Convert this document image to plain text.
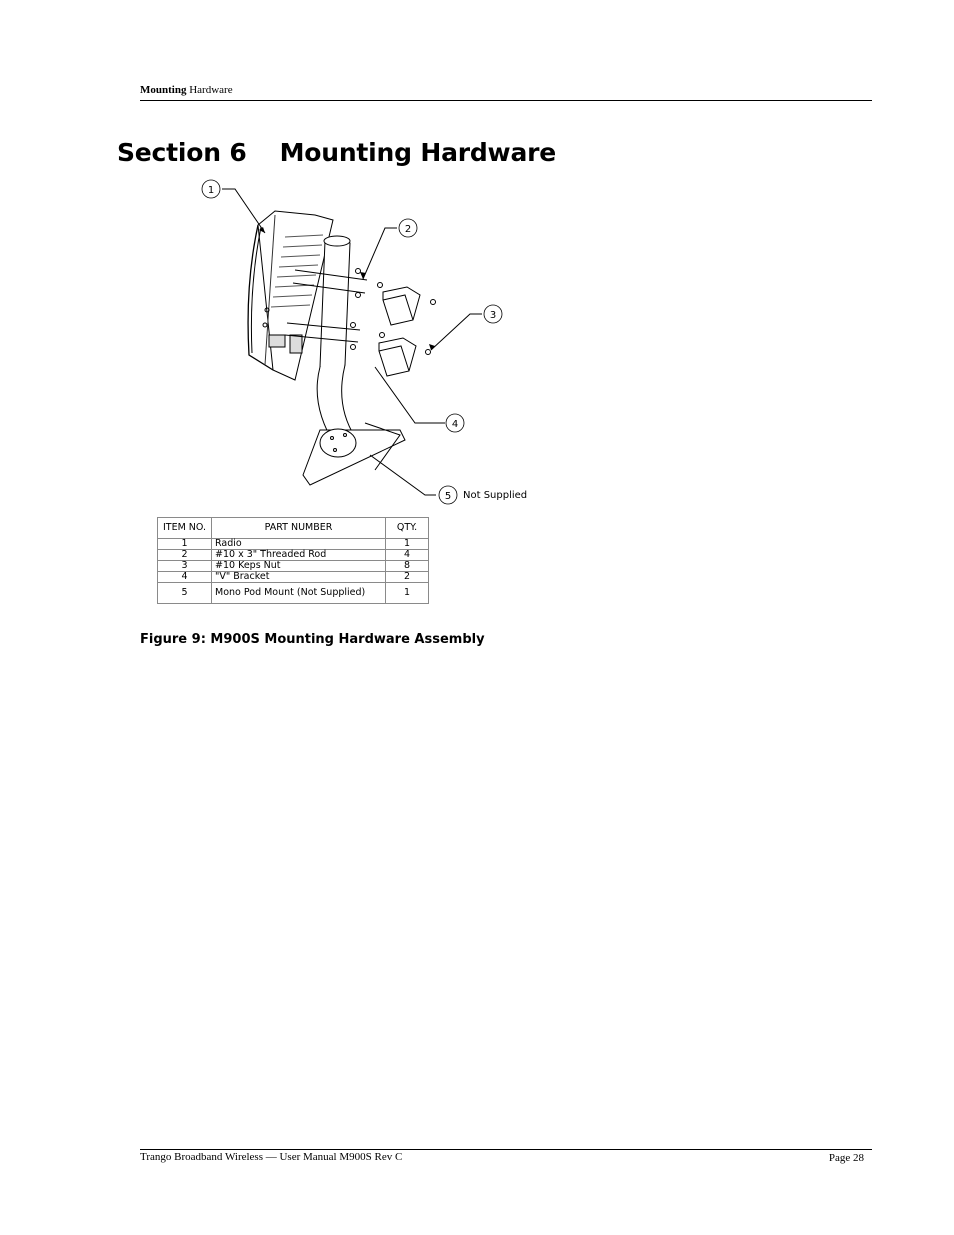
Mounting Hardware
Section 6 Mounting Hardware
1
2
3
4
5 Not Supplied
ITEM NO.	PART NUMBER	QTY.
1	Radio	1
2	#10 x 3" Threaded Rod	4
3	#10 Keps Nut	8
4	"V" Bracket	2
5	Mono Pod Mount (Not Supplied)	1
Figure 9: M900S Mounting Hardware Assembly
Trango Broadband Wireless — User Manual M900S Rev C	Page 28
